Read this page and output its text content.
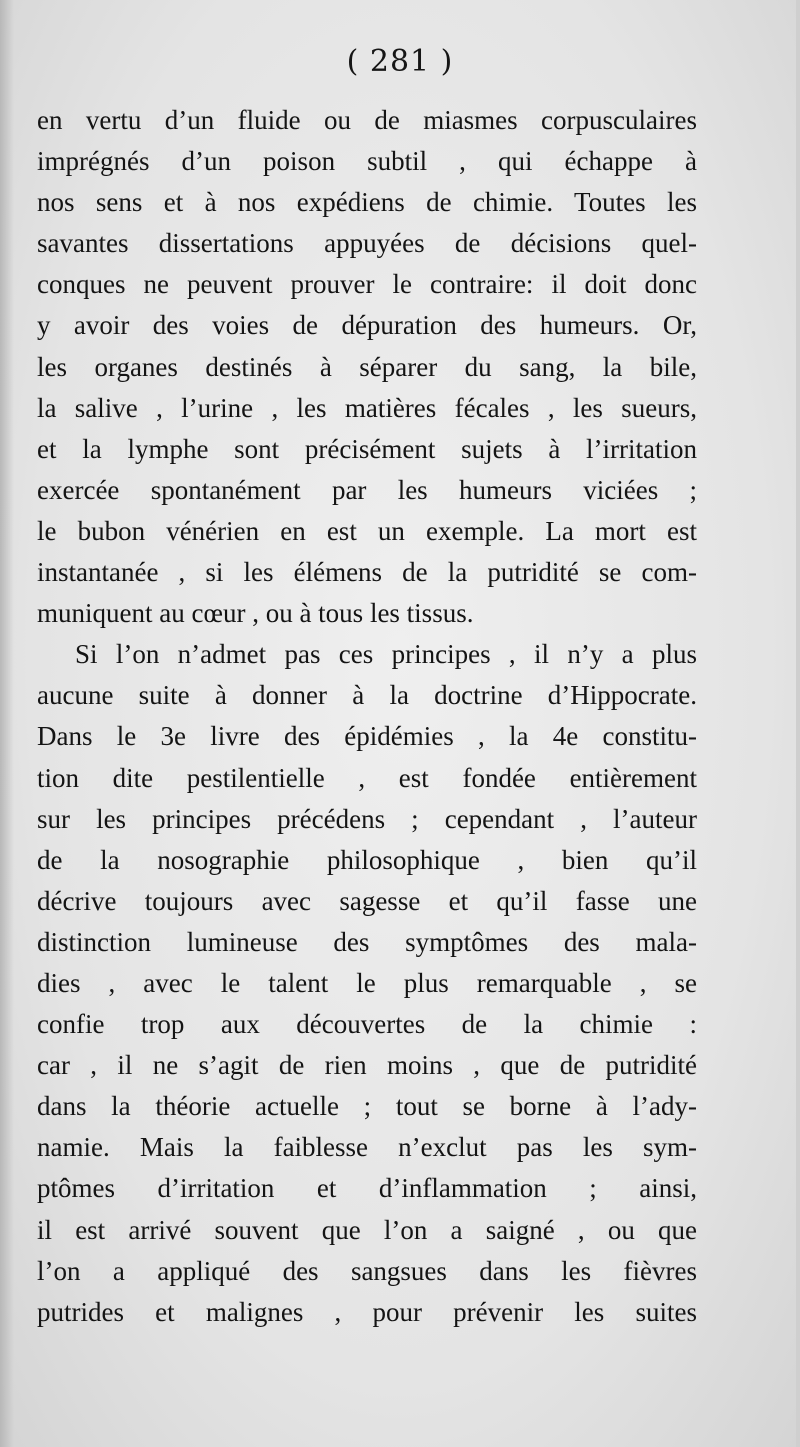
( 281 )
en vertu d’un fluide ou de miasmes corpusculaires
imprégnés d’un poison subtil , qui échappe à
nos sens et à nos expédiens de chimie. Toutes les
savantes dissertations appuyées de décisions quel-
conques ne peuvent prouver le contraire: il doit donc
y avoir des voies de dépuration des humeurs. Or,
les organes destinés à séparer du sang, la bile,
la salive , l’urine , les matières fécales , les sueurs,
et la lymphe sont précisément sujets à l’irritation
exercée spontanément par les humeurs viciées ;
le bubon vénérien en est un exemple. La mort est
instantanée , si les élémens de la putridité se com-
muniquent au cœur , ou à tous les tissus.
Si l’on n’admet pas ces principes , il n’y a plus
aucune suite à donner à la doctrine d’Hippocrate.
Dans le 3e livre des épidémies , la 4e constitu-
tion dite pestilentielle , est fondée entièrement
sur les principes précédens ; cependant , l’auteur
de la nosographie philosophique , bien qu’il
décrive toujours avec sagesse et qu’il fasse une
distinction lumineuse des symptômes des mala-
dies , avec le talent le plus remarquable , se
confie trop aux découvertes de la chimie :
car , il ne s’agit de rien moins , que de putridité
dans la théorie actuelle ; tout se borne à l’ady-
namie. Mais la faiblesse n’exclut pas les sym-
ptômes d’irritation et d’inflammation ; ainsi,
il est arrivé souvent que l’on a saigné , ou que
l’on a appliqué des sangsues dans les fièvres
putrides et malignes , pour prévenir les suites
